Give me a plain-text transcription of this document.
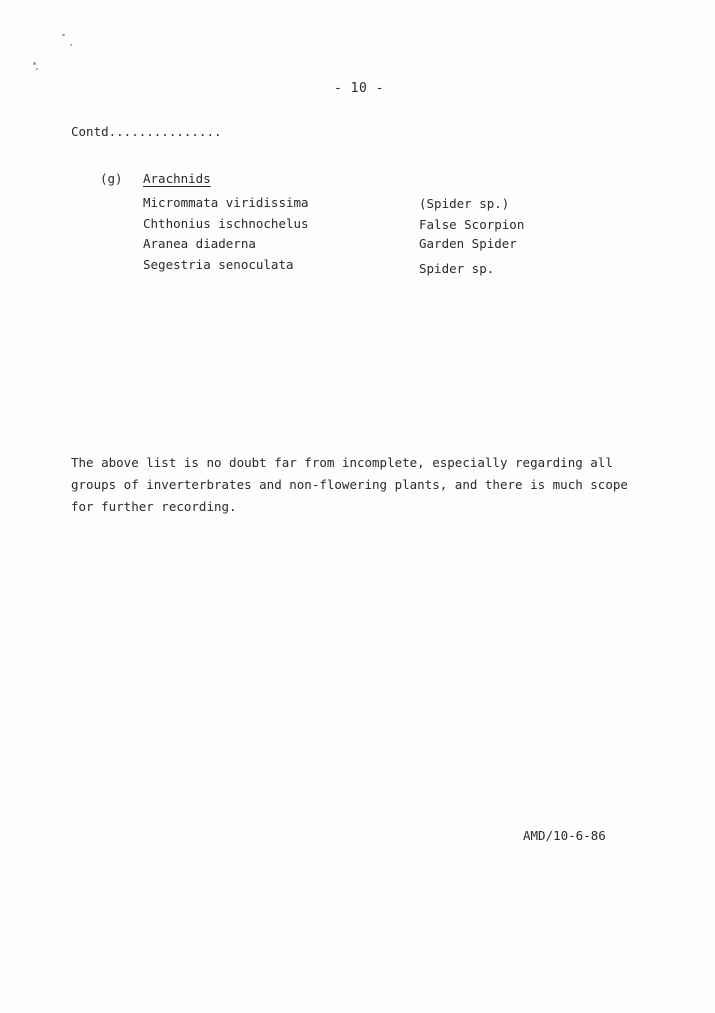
- 10 -
Contd...............
(g) Arachnids
Micrommata viridissima	(Spider sp.)
Chthonius ischnochelus	False Scorpion
Aranea diaderna	Garden Spider
Segestria senoculata	Spider sp.
The above list is no doubt far from incomplete, especially regarding all
groups of inverterbrates and non-flowering plants, and there is much scope
for further recording.
AMD/10-6-86
